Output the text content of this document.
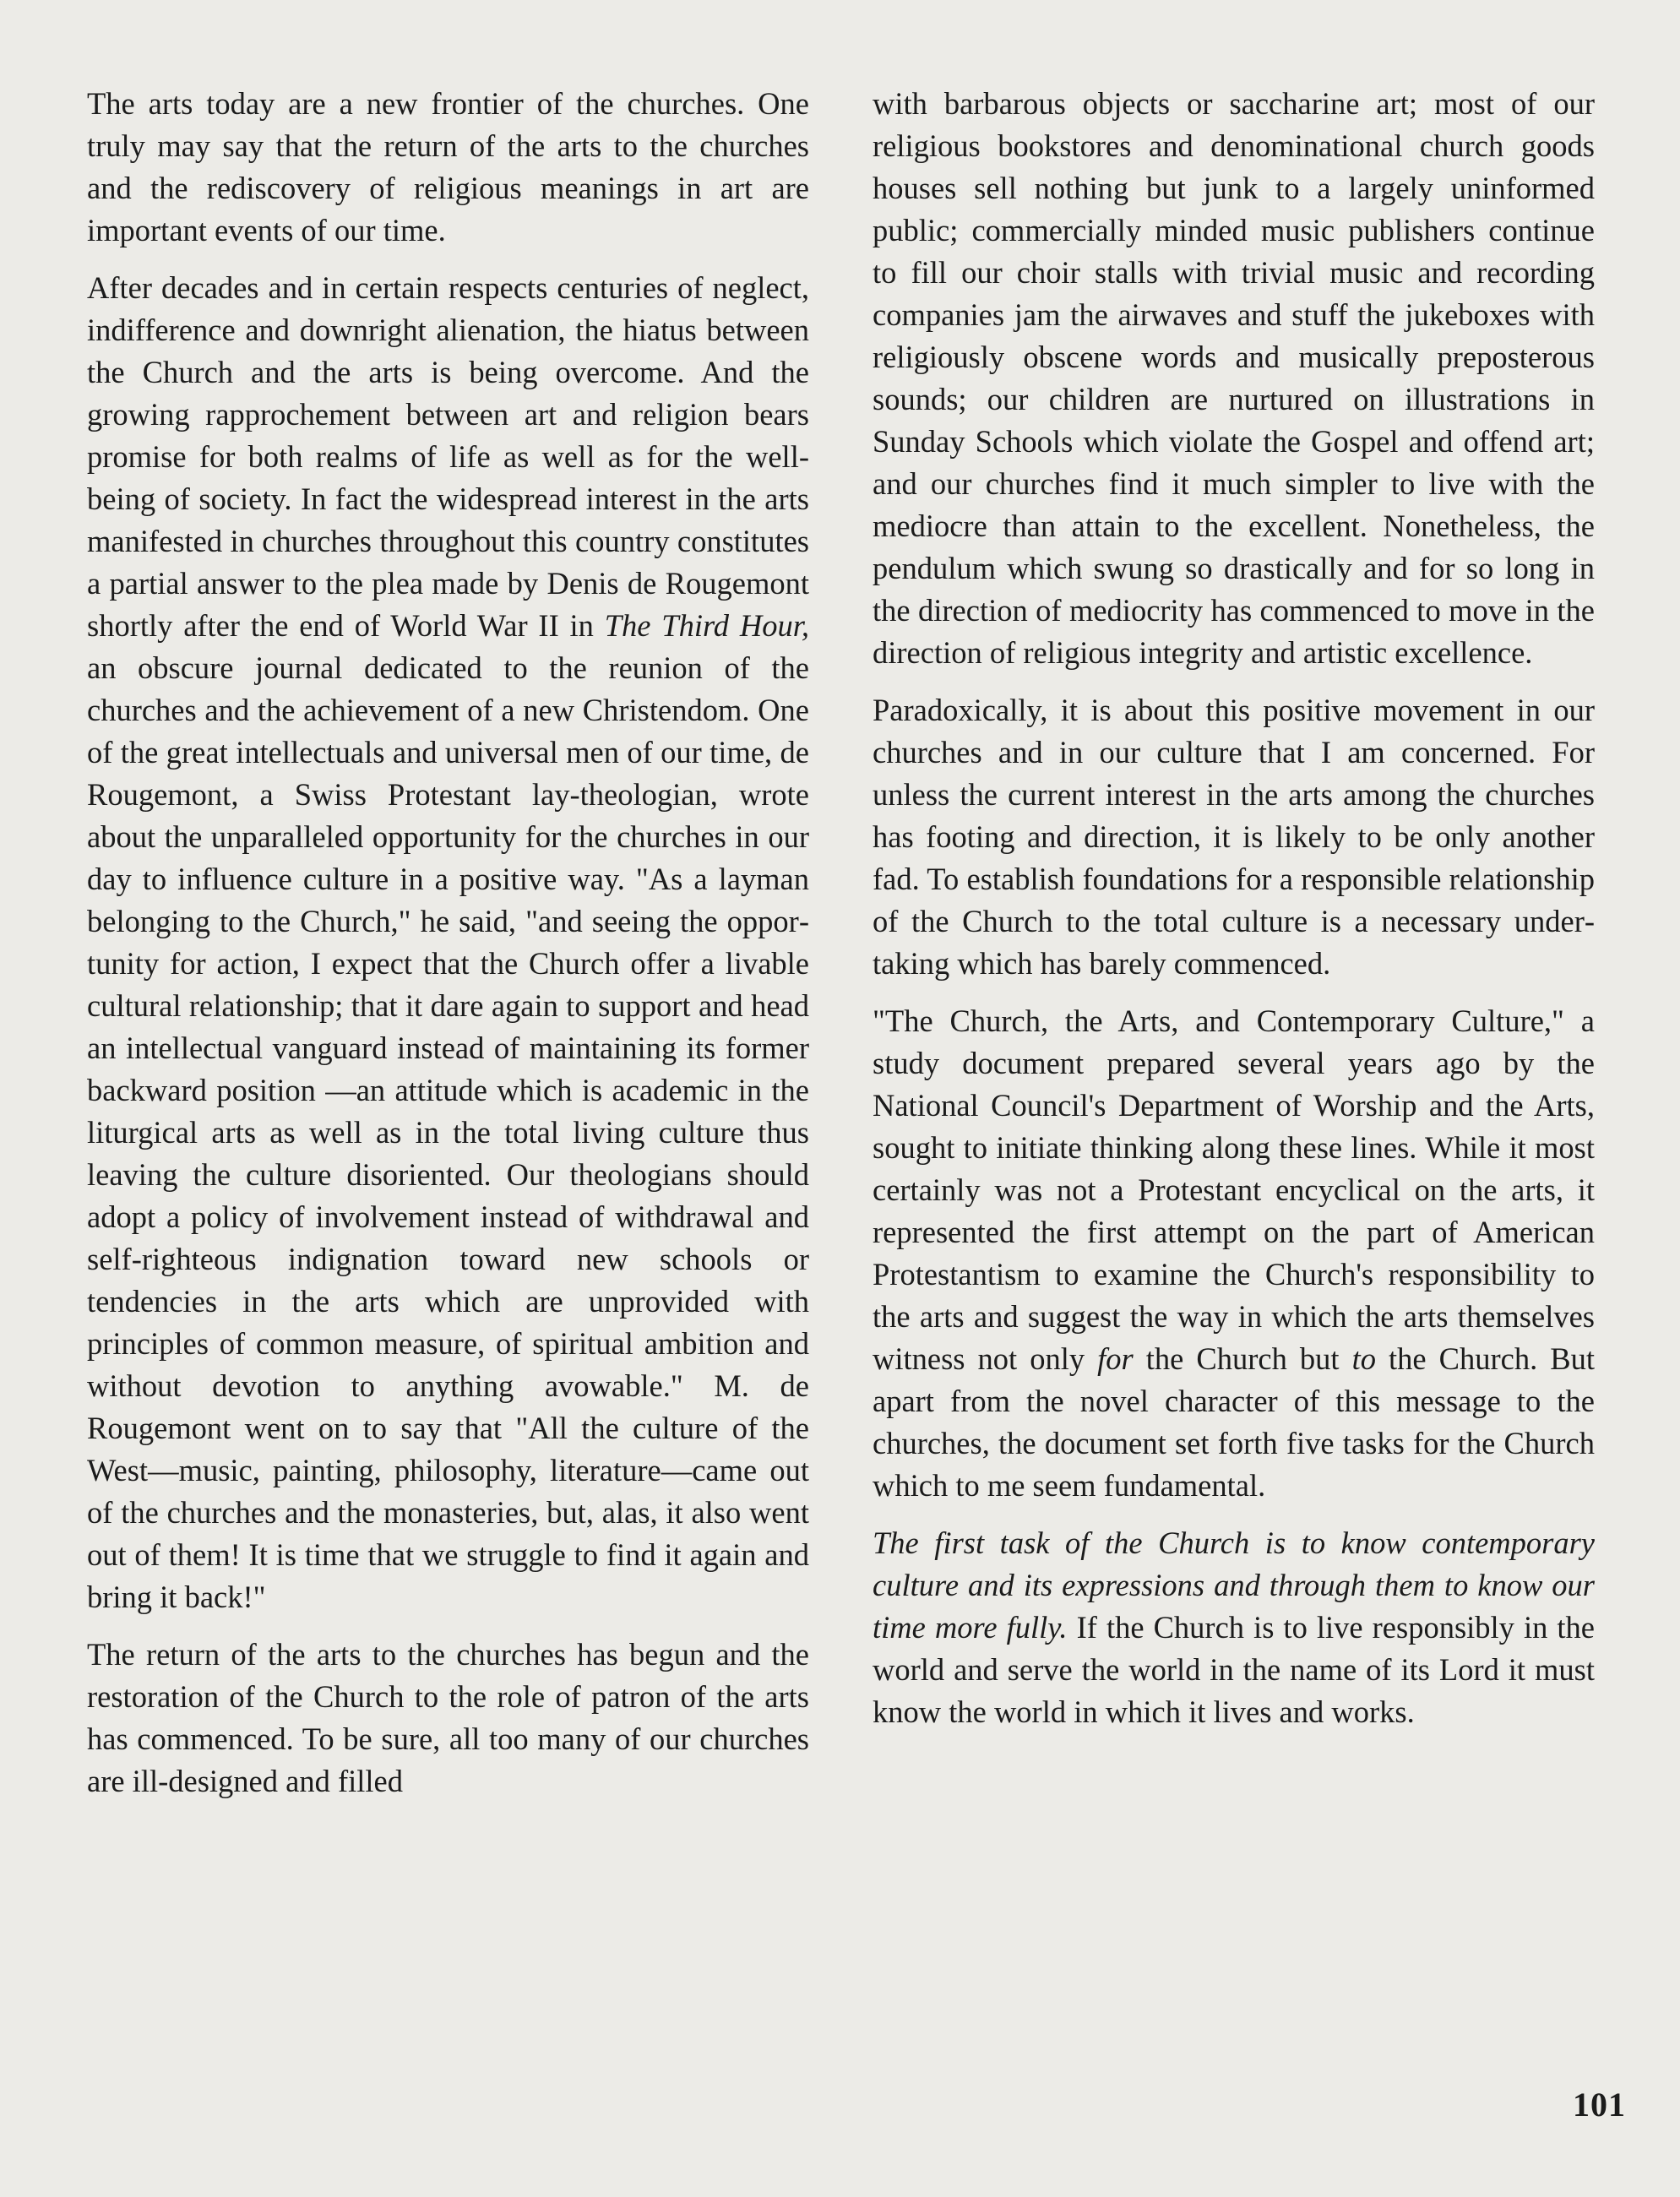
The arts today are a new frontier of the churches. One truly may say that the return of the arts to the churches and the rediscovery of religious meanings in art are important events of our time.

After decades and in certain respects centuries of neglect, indifference and downright alienation, the hiatus between the Church and the arts is being overcome. And the growing rapprochement between art and religion bears promise for both realms of life as well as for the well-being of society. In fact the widespread interest in the arts manifested in churches throughout this country constitutes a partial answer to the plea made by Denis de Rougemont shortly after the end of World War II in The Third Hour, an obscure journal dedicated to the reunion of the churches and the achievement of a new Christendom. One of the great intellectuals and universal men of our time, de Rougemont, a Swiss Protestant lay-theologian, wrote about the unparalleled opportunity for the churches in our day to influence culture in a positive way. "As a layman belonging to the Church," he said, "and seeing the opportunity for action, I expect that the Church offer a livable cultural relationship; that it dare again to support and head an intellectual vanguard instead of maintaining its former backward position —an attitude which is academic in the liturgical arts as well as in the total living culture thus leaving the culture disoriented. Our theologians should adopt a policy of involvement instead of withdrawal and self-righteous indignation toward new schools or tendencies in the arts which are unprovided with principles of common measure, of spiritual ambition and without devotion to anything avowable." M. de Rougemont went on to say that "All the culture of the West—music, painting, philosophy, literature—came out of the churches and the monasteries, but, alas, it also went out of them! It is time that we struggle to find it again and bring it back!"

The return of the arts to the churches has begun and the restoration of the Church to the role of patron of the arts has commenced. To be sure, all too many of our churches are ill-designed and filled

with barbarous objects or saccharine art; most of our religious bookstores and denominational church goods houses sell nothing but junk to a largely uninformed public; commercially minded music publishers continue to fill our choir stalls with trivial music and recording companies jam the airwaves and stuff the jukeboxes with religiously obscene words and musically preposterous sounds; our children are nurtured on illustrations in Sunday Schools which violate the Gospel and offend art; and our churches find it much simpler to live with the mediocre than attain to the excellent. Nonetheless, the pendulum which swung so drastically and for so long in the direction of mediocrity has commenced to move in the direction of religious integrity and artistic excellence.

Paradoxically, it is about this positive movement in our churches and in our culture that I am concerned. For unless the current interest in the arts among the churches has footing and direction, it is likely to be only another fad. To establish foundations for a responsible relationship of the Church to the total culture is a necessary undertaking which has barely commenced.

"The Church, the Arts, and Contemporary Culture," a study document prepared several years ago by the National Council's Department of Worship and the Arts, sought to initiate thinking along these lines. While it most certainly was not a Protestant encyclical on the arts, it represented the first attempt on the part of American Protestantism to examine the Church's responsibility to the arts and suggest the way in which the arts themselves witness not only for the Church but to the Church. But apart from the novel character of this message to the churches, the document set forth five tasks for the Church which to me seem fundamental.

The first task of the Church is to know contemporary culture and its expressions and through them to know our time more fully. If the Church is to live responsibly in the world and serve the world in the name of its Lord it must know the world in which it lives and works.

101
